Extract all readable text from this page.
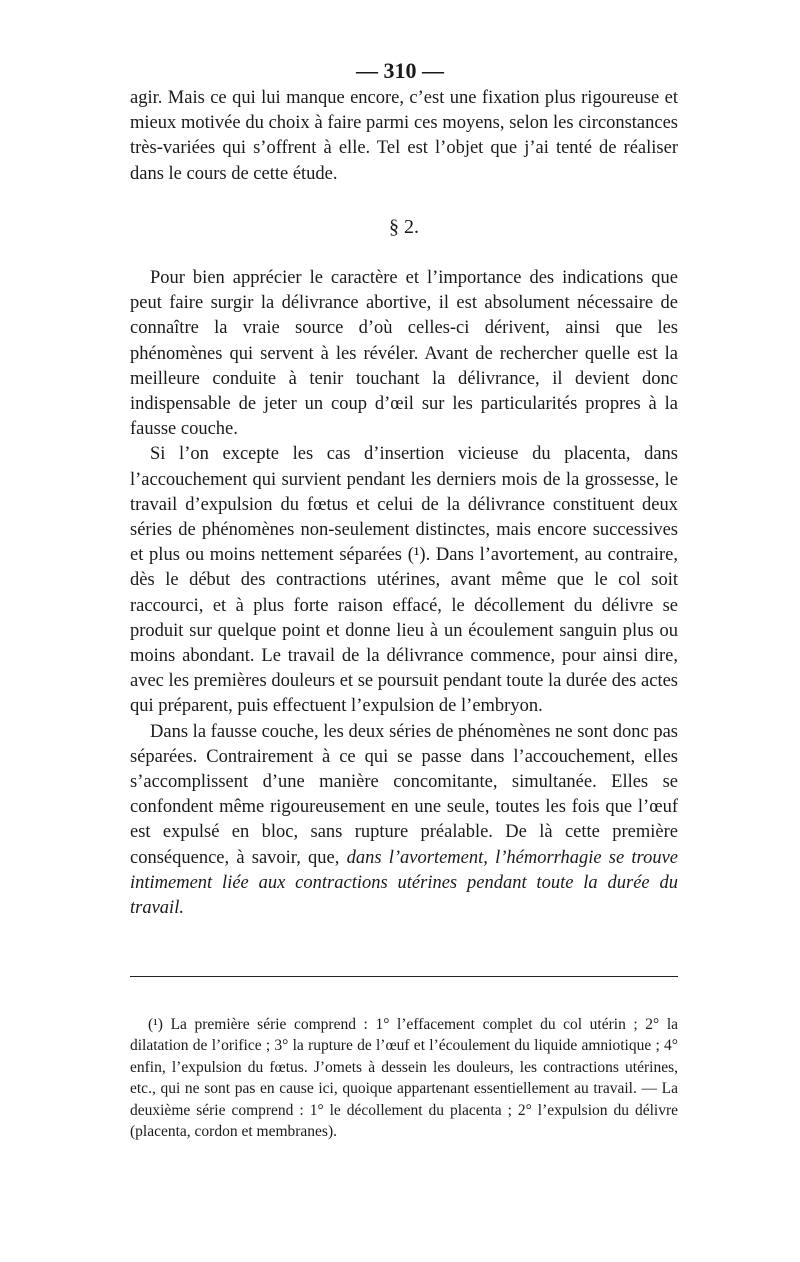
— 310 —

agir. Mais ce qui lui manque encore, c’est une fixation plus rigoureuse et mieux motivée du choix à faire parmi ces moyens, selon les circonstances très-variées qui s’offrent à elle. Tel est l’objet que j’ai tenté de réaliser dans le cours de cette étude.

§ 2.

Pour bien apprécier le caractère et l’importance des indications que peut faire surgir la délivrance abortive, il est absolument nécessaire de connaître la vraie source d’où celles-ci dérivent, ainsi que les phénomènes qui servent à les révéler. Avant de rechercher quelle est la meilleure conduite à tenir touchant la délivrance, il devient donc indispensable de jeter un coup d’œil sur les particularités propres à la fausse couche.

Si l’on excepte les cas d’insertion vicieuse du placenta, dans l’accouchement qui survient pendant les derniers mois de la grossesse, le travail d’expulsion du fœtus et celui de la délivrance constituent deux séries de phénomènes non-seulement distinctes, mais encore successives et plus ou moins nettement séparées (¹). Dans l’avortement, au contraire, dès le début des contractions utérines, avant même que le col soit raccourci, et à plus forte raison effacé, le décollement du délivre se produit sur quelque point et donne lieu à un écoulement sanguin plus ou moins abondant. Le travail de la délivrance commence, pour ainsi dire, avec les premières douleurs et se poursuit pendant toute la durée des actes qui préparent, puis effectuent l’expulsion de l’embryon.

Dans la fausse couche, les deux séries de phénomènes ne sont donc pas séparées. Contrairement à ce qui se passe dans l’accouchement, elles s’accomplissent d’une manière concomitante, simultanée. Elles se confondent même rigoureusement en une seule, toutes les fois que l’œuf est expulsé en bloc, sans rupture préalable. De là cette première conséquence, à savoir, que, dans l’avortement, l’hémorrhagie se trouve intimement liée aux contractions utérines pendant toute la durée du travail.

(¹) La première série comprend : 1° l’effacement complet du col utérin ; 2° la dilatation de l’orifice ; 3° la rupture de l’œuf et l’écoulement du liquide amniotique ; 4° enfin, l’expulsion du fœtus. J’omets à dessein les douleurs, les contractions utérines, etc., qui ne sont pas en cause ici, quoique appartenant essentiellement au travail. — La deuxième série comprend : 1° le décollement du placenta ; 2° l’expulsion du délivre (placenta, cordon et membranes).
